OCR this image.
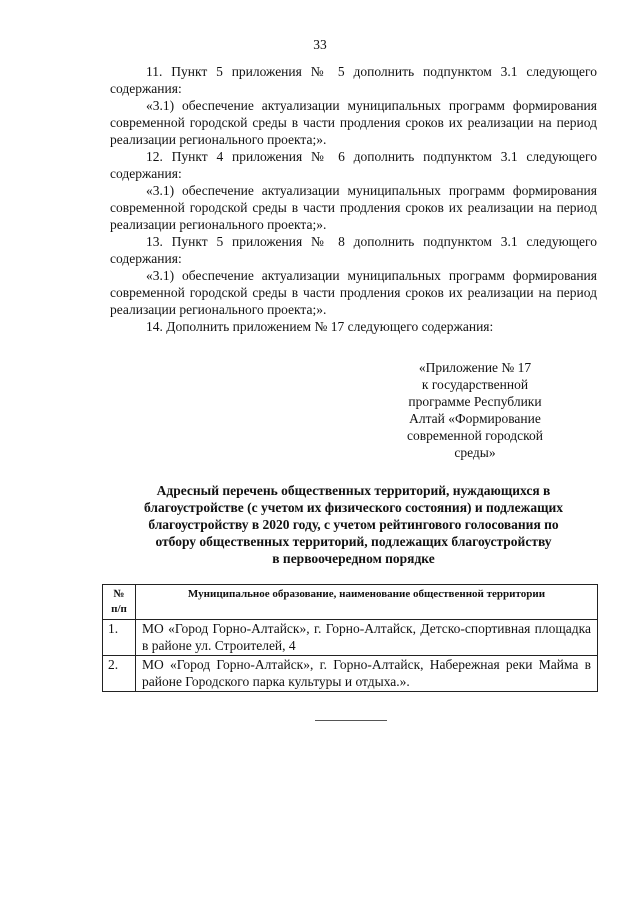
33

11. Пункт 5 приложения № 5 дополнить подпунктом 3.1 следующего содержания:

«3.1) обеспечение актуализации муниципальных программ формирования современной городской среды в части продления сроков их реализации на период реализации регионального проекта;».

12. Пункт 4 приложения № 6 дополнить подпунктом 3.1 следующего содержания:

«3.1) обеспечение актуализации муниципальных программ формирования современной городской среды в части продления сроков их реализации на период реализации регионального проекта;».

13. Пункт 5 приложения № 8 дополнить подпунктом 3.1 следующего содержания:

«3.1) обеспечение актуализации муниципальных программ формирования современной городской среды в части продления сроков их реализации на период реализации регионального проекта;».

14. Дополнить приложением № 17 следующего содержания:

«Приложение № 17
к государственной
программе Республики
Алтай «Формирование
современной городской
среды»
Адресный перечень общественных территорий, нуждающихся в
благоустройстве (с учетом их физического состояния) и подлежащих
благоустройству в 2020 году, с учетом рейтингового голосования по
отбору общественных территорий, подлежащих благоустройству
в первоочередном порядке
№
п/п	Муниципальное образование, наименование общественной территории
1.	МО «Город Горно-Алтайск», г. Горно-Алтайск, Детско-спортивная площадка в районе ул. Строителей, 4
2.	МО «Город Горно-Алтайск», г. Горно-Алтайск, Набережная реки Майма в районе Городского парка культуры и отдыха.».
